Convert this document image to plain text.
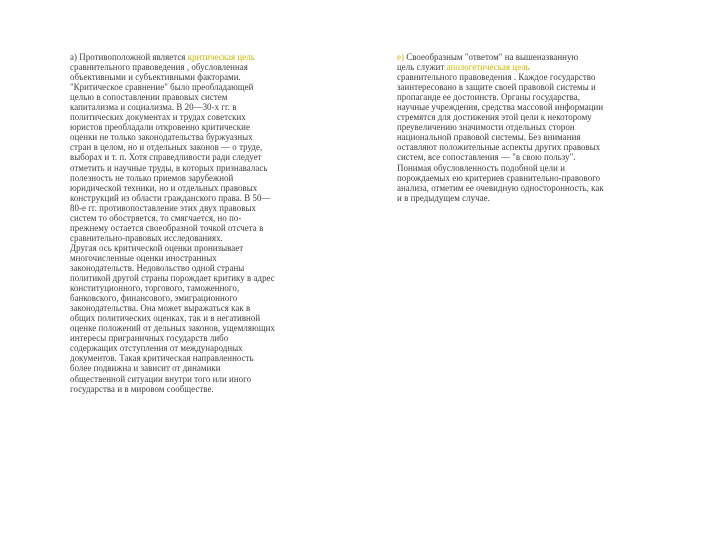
а) Противоположной является критическая цель
сравнительного правоведения , обусловленная
объективными и субъективными факторами.
"Критическое сравнение" было преобладающей
целью в сопоставлении правовых систем
капитализма и социализма. В 20—30-х гг. в
политических документах и трудах советских
юристов преобладали откровенно критические
оценки не только законодательства буржуазных
стран в целом, но и отдельных законов — о труде,
выборах и т. п. Хотя справедливости ради следует
отметить и научные труды, в которых признавалась
полезность не только приемов зарубежной
юридической техники, но и отдельных правовых
конструкций из области гражданского права. В 50—
80-е гг. противопоставление этих двух правовых
систем то обостряется, то смягчается, но по-
прежнему остается своеобразной точкой отсчета в
сравнительно-правовых исследованиях.
Другая ось критической оценки пронизывает
многочисленные оценки иностранных
законодательств. Недовольство одной страны
политикой другой страны порождает критику в адрес
конституционного, торгового, таможенного,
банковского, финансового, эмиграционного
законодательства. Она может выражаться как в
общих политических оценках, так и в негативной
оценке положений от дельных законов, ущемляющих
интересы приграничных государств либо
содержащих отступления от международных
документов. Такая критическая направленность
более подвижна и зависит от динамики
общественной ситуации внутри того или иного
государства и в мировом сообществе.
е) Своеобразным "ответом" на вышеназванную
цель служит апологетическая цель
сравнительного правоведения . Каждое государство
заинтересовано в защите своей правовой системы и
пропаганде ее достоинств. Органы государства,
научные учреждения, средства массовой информации
стремятся для достижения этой цели к некоторому
преувеличению значимости отдельных сторон
национальной правовой системы. Без внимания
оставляют положительные аспекты других правовых
систем, все сопоставления — "в свою пользу".
Понимая обусловленность подобной цели и
порождаемых ею критериев сравнительно-правового
анализа, отметим ее очевидную односторонность, как
и в предыдущем случае.
